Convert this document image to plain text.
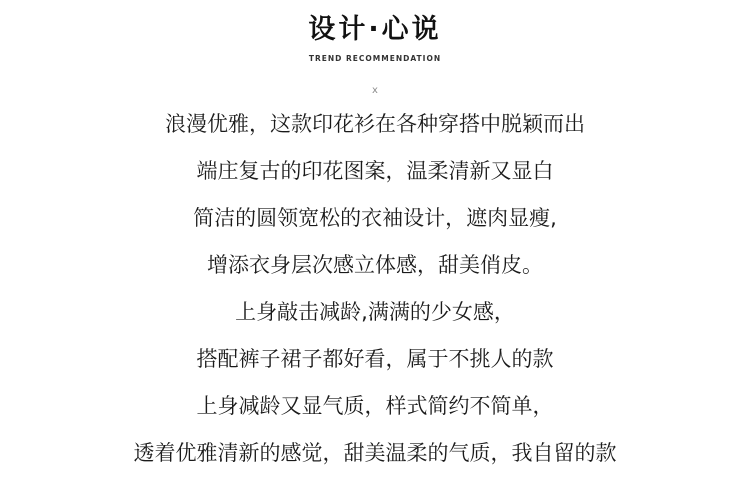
设计·心说
TREND RECOMMENDATION
x
浪漫优雅，这款印花衫在各种穿搭中脱颖而出
端庄复古的印花图案，温柔清新又显白
简洁的圆领宽松的衣袖设计，遮肉显瘦,
增添衣身层次感立体感，甜美俏皮。
上身敲击减龄,满满的少女感，
搭配裤子裙子都好看，属于不挑人的款
上身减龄又显气质，样式简约不简单，
透着优雅清新的感觉，甜美温柔的气质，我自留的款
